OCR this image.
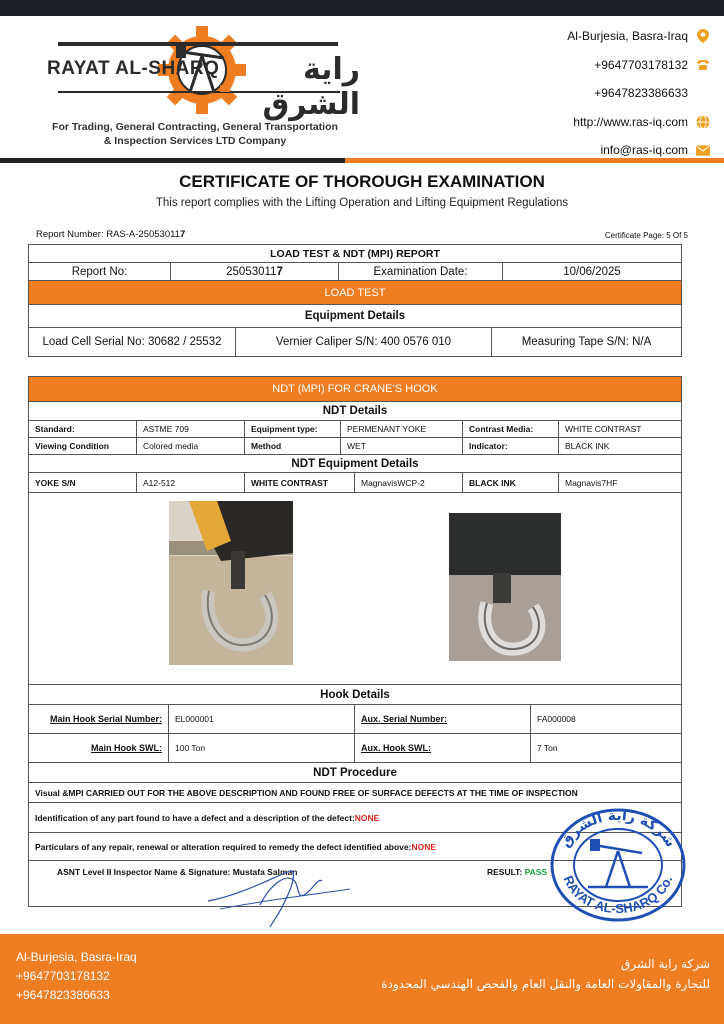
RAYAT AL-SHARQ	راية الشرق
For Trading, General Contracting, General Transportation
& Inspection Services LTD Company
Al-Burjesia, Basra-Iraq
+9647703178132
+9647823386633
http://www.ras-iq.com
info@ras-iq.com
CERTIFICATE OF THOROUGH EXAMINATION
This report complies with the Lifting Operation and Lifting Equipment Regulations
Report Number: RAS-A-250530117	Certificate Page: 5 Of 5
LOAD TEST & NDT (MPI) REPORT
Report No:	25053011 7	Examination Date:	10/06/2025
LOAD TEST
Equipment Details
Load Cell Serial No: 30682 / 25532	Vernier Caliper S/N: 400 0576 010	Measuring Tape S/N: N/A
NDT (MPI) FOR CRANE’S HOOK
NDT Details
Standard:	ASTME 709	Equipment type:	PERMENANT YOKE	Contrast Media:	WHITE CONTRAST
Viewing Condition	Colored media	Method	WET	Indicator:	BLACK INK
NDT Equipment Details
YOKE S/N	A12-512	WHITE CONTRAST	MagnavisWCP-2	BLACK INK	Magnavis7HF
Hook Details
Main Hook Serial Number:	EL000001	Aux. Serial Number:	FA000008
Main Hook SWL:	100 Ton	Aux. Hook SWL:	7 Ton
NDT Procedure
Visual &MPI CARRIED OUT FOR THE ABOVE DESCRIPTION AND FOUND FREE OF SURFACE DEFECTS AT THE TIME OF INSPECTION
Identification of any part found to have a defect and a description of the defect: NONE
Particulars of any repair, renewal or alteration required to remedy the defect identified above: NONE
ASNT Level II Inspector Name & Signature: Mustafa Salman	RESULT: PASS
شركة راية الشرق
RAYAT AL-SHARQ Co.
Al-Burjesia, Basra-Iraq
+9647703178132
+9647823386633
شركة راية الشرق
للتجارة والمقاولات العامة والنقل العام والفحص الهندسي المحدودة
